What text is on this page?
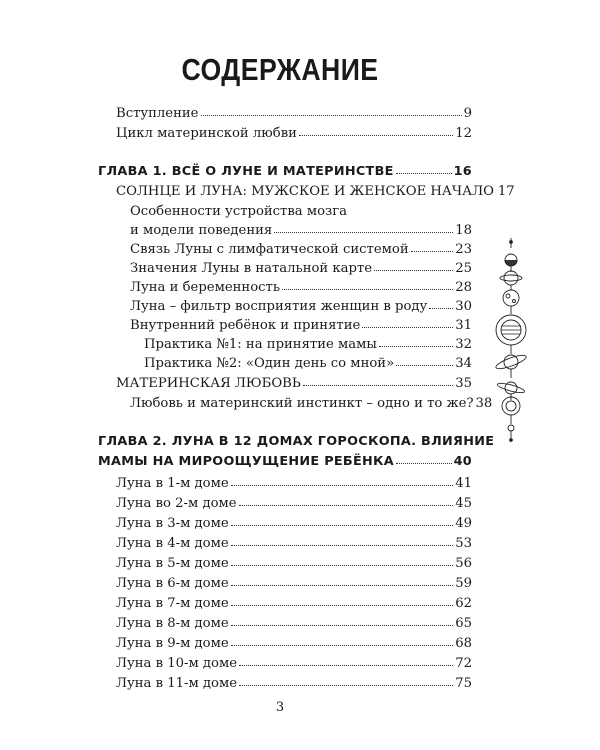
СОДЕРЖАНИЕ
Вступление	9
Цикл материнской любви	12
ГЛАВА 1. ВСЁ О ЛУНЕ И МАТЕРИНСТВЕ	16
СОЛНЦЕ И ЛУНА: МУЖСКОЕ И ЖЕНСКОЕ НАЧАЛО 17
Особенности устройства мозга
и модели поведения	18
Связь Луны с лимфатической системой	23
Значения Луны в натальной карте	25
Луна и беременность	28
Луна – фильтр восприятия женщин в роду 30
Внутренний ребёнок и принятие	31
Практика №1: на принятие мамы	32
Практика №2: «Один день со мной»	34
МАТЕРИНСКАЯ ЛЮБОВЬ	35
Любовь и материнский инстинкт – одно и то же? 38
ГЛАВА 2. ЛУНА В 12 ДОМАХ ГОРОСКОПА. ВЛИЯНИЕ
МАМЫ НА МИРООЩУЩЕНИЕ РЕБЁНКА	40
Луна в 1-м доме	41
Луна во 2-м доме	45
Луна в 3-м доме	49
Луна в 4-м доме	53
Луна в 5-м доме	56
Луна в 6-м доме	59
Луна в 7-м доме	62
Луна в 8-м доме	65
Луна в 9-м доме	68
Луна в 10-м доме	72
Луна в 11-м доме	75
3
